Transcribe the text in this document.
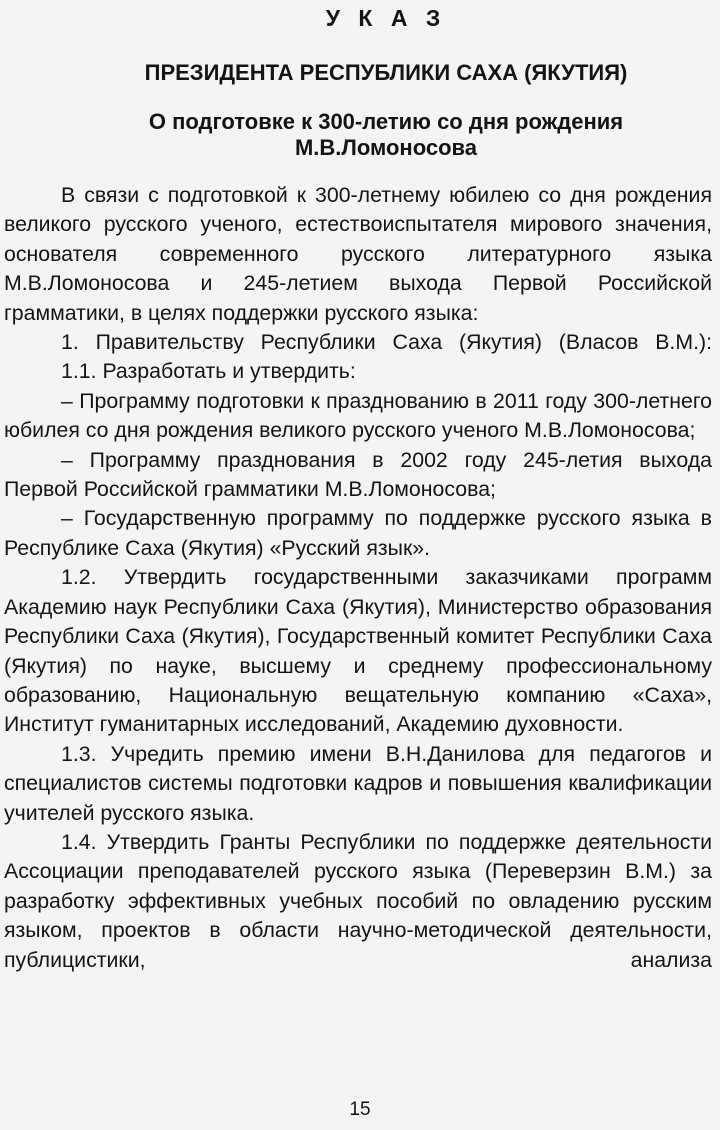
У К А З
ПРЕЗИДЕНТА РЕСПУБЛИКИ САХА (ЯКУТИЯ)
О подготовке к 300-летию со дня рождения М.В.Ломоносова

В связи с подготовкой к 300-летнему юбилею со дня рождения великого русского ученого, естествоиспытателя мирового значения, основателя современного русского литературного языка М.В.Ломоносова и 245-летием выхода Первой Российской грамматики, в целях поддержки русского языка:

1. Правительству Республики Саха (Якутия) (Власов В.М.):

1.1. Разработать и утвердить:

– Программу подготовки к празднованию в 2011 году 300-летнего юбилея со дня рождения великого русского ученого М.В.Ломоносова;

– Программу празднования в 2002 году 245-летия выхода Первой Российской грамматики М.В.Ломоносова;

– Государственную программу по поддержке русского языка в Республике Саха (Якутия) «Русский язык».

1.2. Утвердить государственными заказчиками программ Академию наук Республики Саха (Якутия), Министерство образования Республики Саха (Якутия), Государственный комитет Республики Саха (Якутия) по науке, высшему и среднему профессиональному образованию, Национальную вещательную компанию «Саха», Институт гуманитарных исследований, Академию духовности.

1.3. Учредить премию имени В.Н.Данилова для педагогов и специалистов системы подготовки кадров и повышения квалификации учителей русского языка.

1.4. Утвердить Гранты Республики по поддержке деятельности Ассоциации преподавателей русского языка (Переверзин В.М.) за разработку эффективных учебных пособий по овладению русским языком, проектов в области научно-методической деятельности, публицистики, анализа

15
